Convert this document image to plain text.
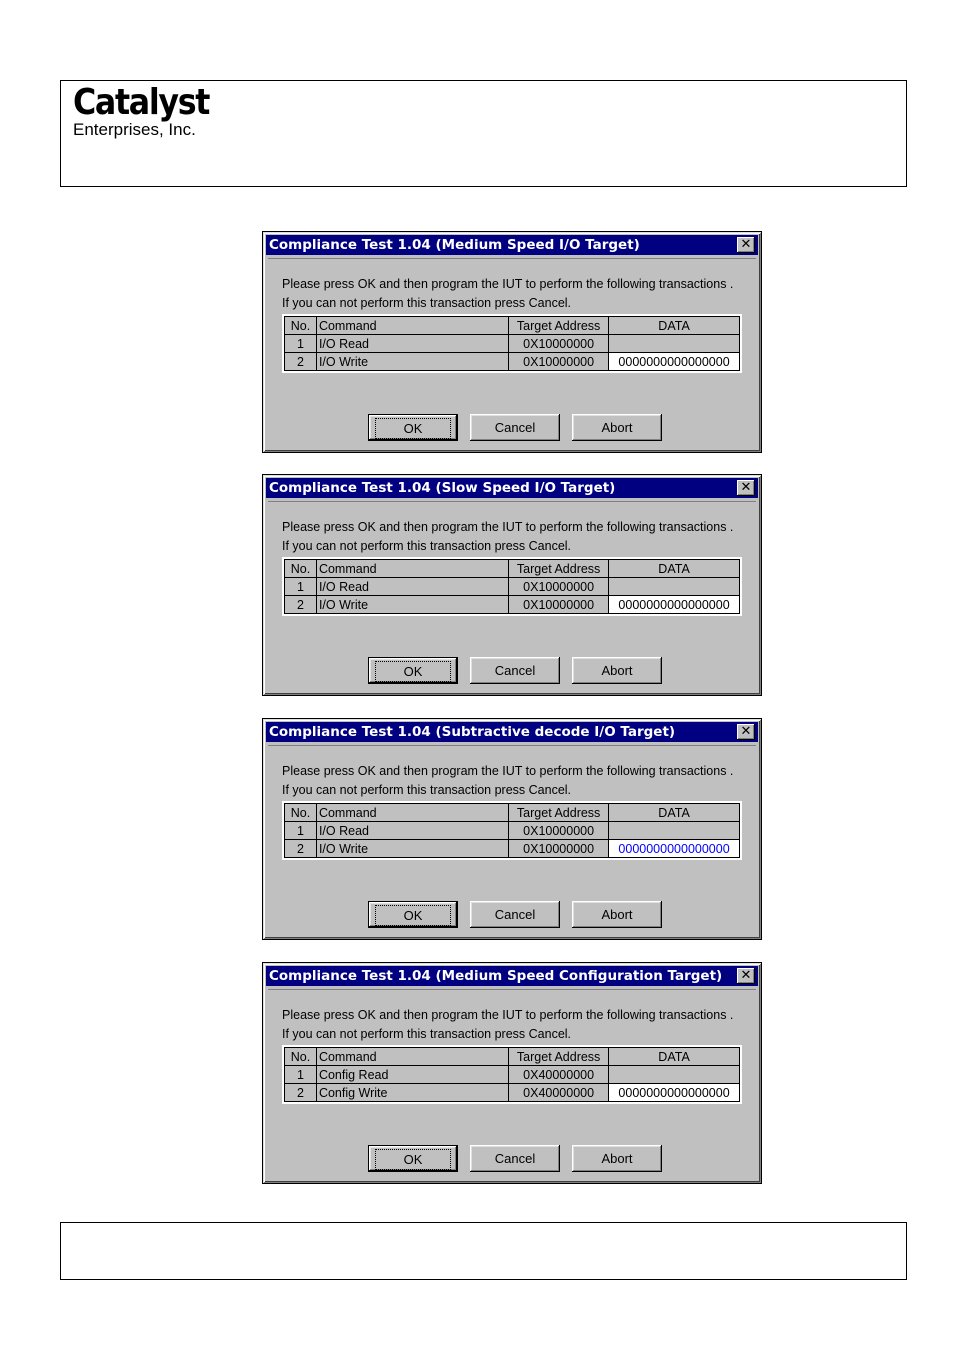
Catalyst
Enterprises, Inc.
Compliance Test 1.04 (Medium Speed I/O Target)	✕
Please press OK and then program the IUT to perform the following transactions .
If you can not perform this transaction press Cancel.
No.	Command	Target Address	DATA
1	I/O Read	0X10000000	
2	I/O Write	0X10000000	0000000000000000
OK	Cancel	Abort
Compliance Test 1.04 (Slow Speed I/O Target)	✕
Please press OK and then program the IUT to perform the following transactions .
If you can not perform this transaction press Cancel.
No.	Command	Target Address	DATA
1	I/O Read	0X10000000	
2	I/O Write	0X10000000	0000000000000000
OK	Cancel	Abort
Compliance Test 1.04 (Subtractive decode I/O Target)	✕
Please press OK and then program the IUT to perform the following transactions .
If you can not perform this transaction press Cancel.
No.	Command	Target Address	DATA
1	I/O Read	0X10000000	
2	I/O Write	0X10000000	0000000000000000
OK	Cancel	Abort
Compliance Test 1.04 (Medium Speed Configuration Target) ✕
Please press OK and then program the IUT to perform the following transactions .
If you can not perform this transaction press Cancel.
No.	Command	Target Address	DATA
1	Config Read	0X40000000	
2	Config Write	0X40000000	0000000000000000
OK	Cancel	Abort
